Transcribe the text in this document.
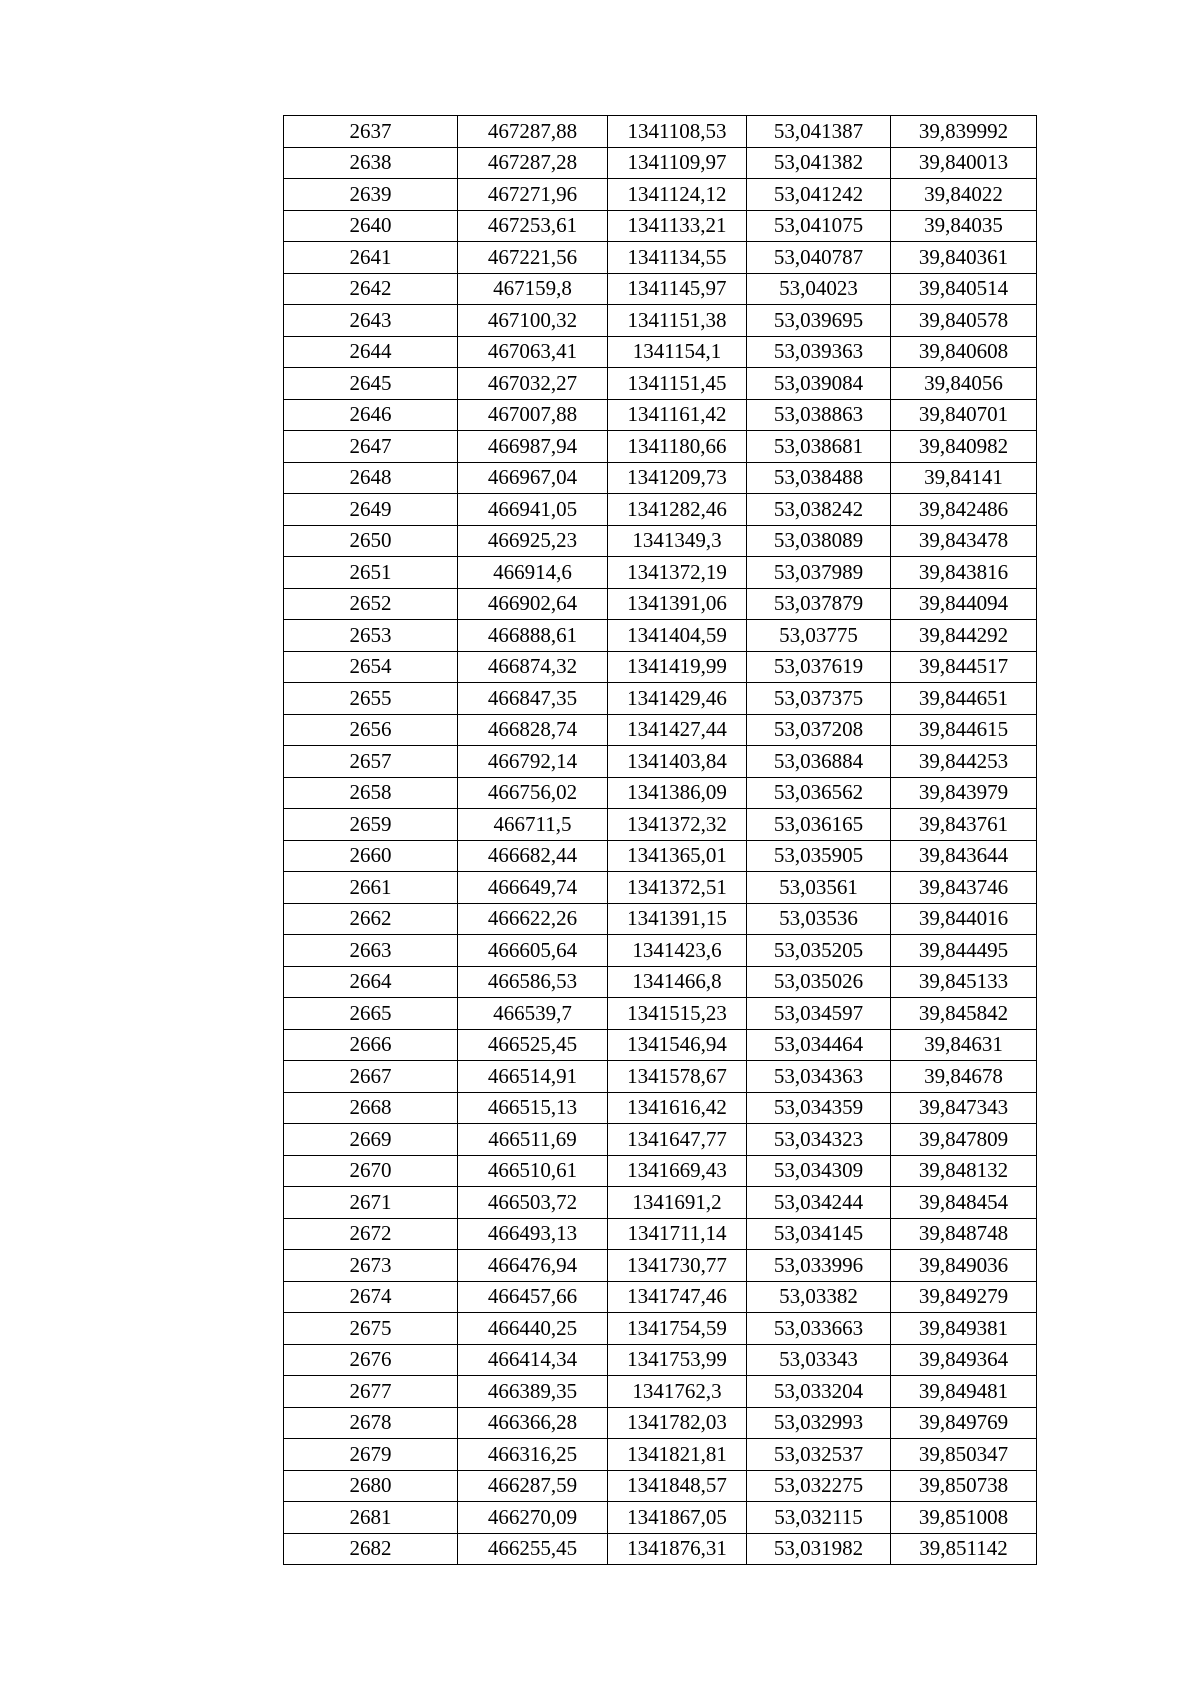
2637	467287,88	1341108,53	53,041387	39,839992
2638	467287,28	1341109,97	53,041382	39,840013
2639	467271,96	1341124,12	53,041242	39,84022
2640	467253,61	1341133,21	53,041075	39,84035
2641	467221,56	1341134,55	53,040787	39,840361
2642	467159,8	1341145,97	53,04023	39,840514
2643	467100,32	1341151,38	53,039695	39,840578
2644	467063,41	1341154,1	53,039363	39,840608
2645	467032,27	1341151,45	53,039084	39,84056
2646	467007,88	1341161,42	53,038863	39,840701
2647	466987,94	1341180,66	53,038681	39,840982
2648	466967,04	1341209,73	53,038488	39,84141
2649	466941,05	1341282,46	53,038242	39,842486
2650	466925,23	1341349,3	53,038089	39,843478
2651	466914,6	1341372,19	53,037989	39,843816
2652	466902,64	1341391,06	53,037879	39,844094
2653	466888,61	1341404,59	53,03775	39,844292
2654	466874,32	1341419,99	53,037619	39,844517
2655	466847,35	1341429,46	53,037375	39,844651
2656	466828,74	1341427,44	53,037208	39,844615
2657	466792,14	1341403,84	53,036884	39,844253
2658	466756,02	1341386,09	53,036562	39,843979
2659	466711,5	1341372,32	53,036165	39,843761
2660	466682,44	1341365,01	53,035905	39,843644
2661	466649,74	1341372,51	53,03561	39,843746
2662	466622,26	1341391,15	53,03536	39,844016
2663	466605,64	1341423,6	53,035205	39,844495
2664	466586,53	1341466,8	53,035026	39,845133
2665	466539,7	1341515,23	53,034597	39,845842
2666	466525,45	1341546,94	53,034464	39,84631
2667	466514,91	1341578,67	53,034363	39,84678
2668	466515,13	1341616,42	53,034359	39,847343
2669	466511,69	1341647,77	53,034323	39,847809
2670	466510,61	1341669,43	53,034309	39,848132
2671	466503,72	1341691,2	53,034244	39,848454
2672	466493,13	1341711,14	53,034145	39,848748
2673	466476,94	1341730,77	53,033996	39,849036
2674	466457,66	1341747,46	53,03382	39,849279
2675	466440,25	1341754,59	53,033663	39,849381
2676	466414,34	1341753,99	53,03343	39,849364
2677	466389,35	1341762,3	53,033204	39,849481
2678	466366,28	1341782,03	53,032993	39,849769
2679	466316,25	1341821,81	53,032537	39,850347
2680	466287,59	1341848,57	53,032275	39,850738
2681	466270,09	1341867,05	53,032115	39,851008
2682	466255,45	1341876,31	53,031982	39,851142
